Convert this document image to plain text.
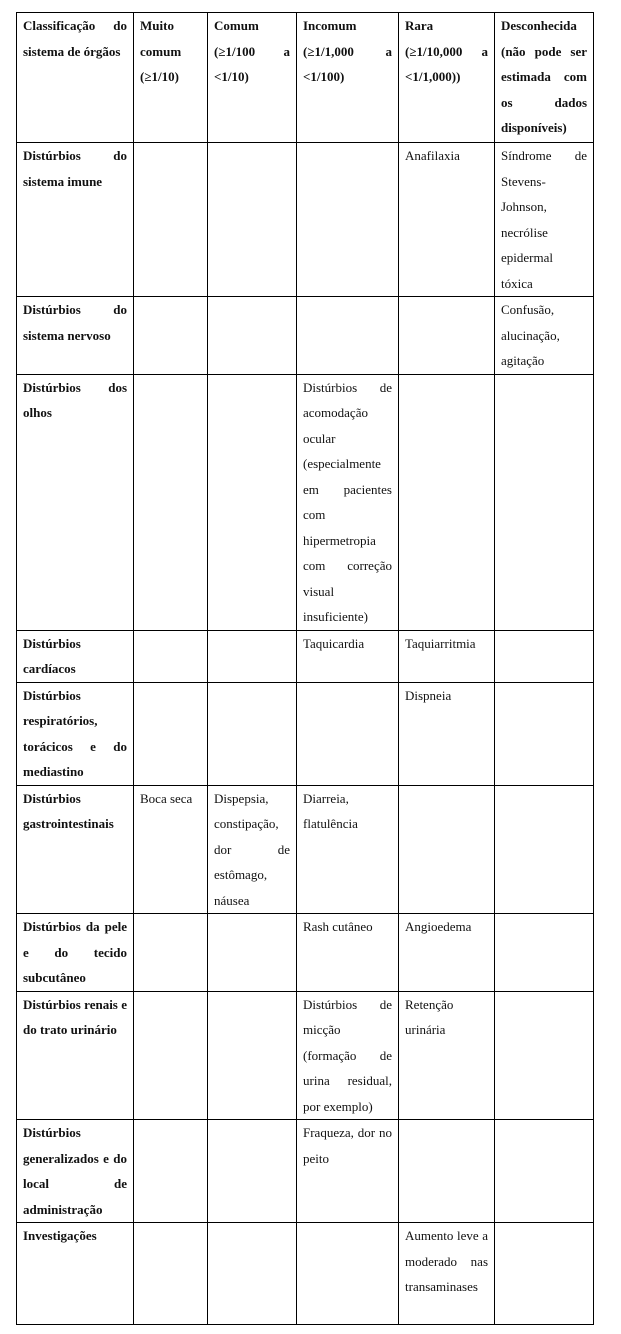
Classificação do sistema de órgãos	Muito comum (≥1/10)	Comum (≥1/100 a <1/10)	Incomum (≥1/1,000 a <1/100)	Rara (≥1/10,000 a <1/1,000))	Desconhecida (não pode ser estimada com os dados disponíveis)

Distúrbios do sistema imune				Anafilaxia	Síndrome de Stevens-Johnson, necrólise epidermal tóxica

Distúrbios do sistema nervoso					Confusão, alucinação, agitação

Distúrbios dos olhos			Distúrbios de acomodação ocular (especialmente em pacientes com hipermetropia com correção visual insuficiente)		

Distúrbios cardíacos			Taquicardia	Taquiarritmia	

Distúrbios respiratórios, torácicos e do mediastino				Dispneia	

Distúrbios gastrointestinais	Boca seca	Dispepsia, constipação, dor de estômago, náusea	Diarreia, flatulência		

Distúrbios da pele e do tecido subcutâneo			Rash cutâneo	Angioedema	

Distúrbios renais e do trato urinário			Distúrbios de micção (formação de urina residual, por exemplo)	Retenção urinária	

Distúrbios generalizados e do local de administração			Fraqueza, dor no peito		

Investigações				Aumento leve a moderado nas transaminases	
